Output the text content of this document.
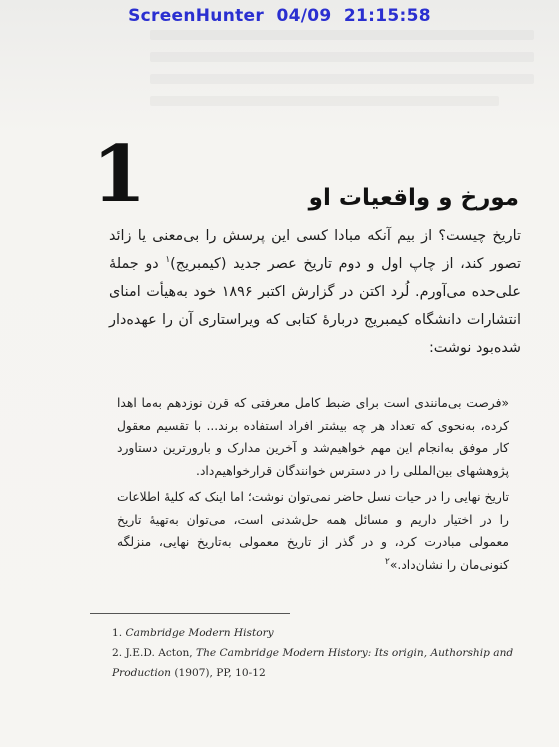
ScreenHunter  04/09  21:15:58
1	مورخ و واقعیات او

تاریخ چیست؟ از بیم آنکه مبادا کسی این پرسش را بی‌معنی یا زائد تصور کند، از چاپ اول و دوم تاریخ عصر جدید (کیمبریج)$^۱$ دو جملهٔ علی‌حده می‌آورم. لُرد اکتن در گزارش اکتبر ۱۸۹۶ خود به‌هیأت امنای انتشارات دانشگاه کیمبریج دربارهٔ کتابی که ویراستاری آن را عهده‌دار شده‌بود نوشت:

«فرصت بی‌مانندی است برای ضبط کامل معرفتی که قرن نوزدهم به‌ما اهدا کرده، به‌نحوی که تعداد هر چه بیشتر افراد استفاده برند... با تقسیم معقول کار موفق به‌انجام این مهم خواهیم‌شد و آخرین مدارک و بارورترین دستاورد پژوهشهای بین‌المللی را در دسترس خوانندگان قرارخواهیم‌داد.

تاریخ نهایی را در حیات نسل حاضر نمی‌توان نوشت؛ اما اینک که کلیهٔ اطلاعات را در اختیار داریم و مسائل همه حل‌شدنی است، می‌توان به‌تهیهٔ تاریخ معمولی مبادرت کرد، و در گذر از تاریخ معمولی به‌تاریخ نهایی، منزلگه کنونی‌مان را نشان‌داد.»$^۲$

1. Cambridge Modern History
2. J.E.D. Acton, The Cambridge Modern History: Its origin, Authorship and Production (1907), PP, 10-12
